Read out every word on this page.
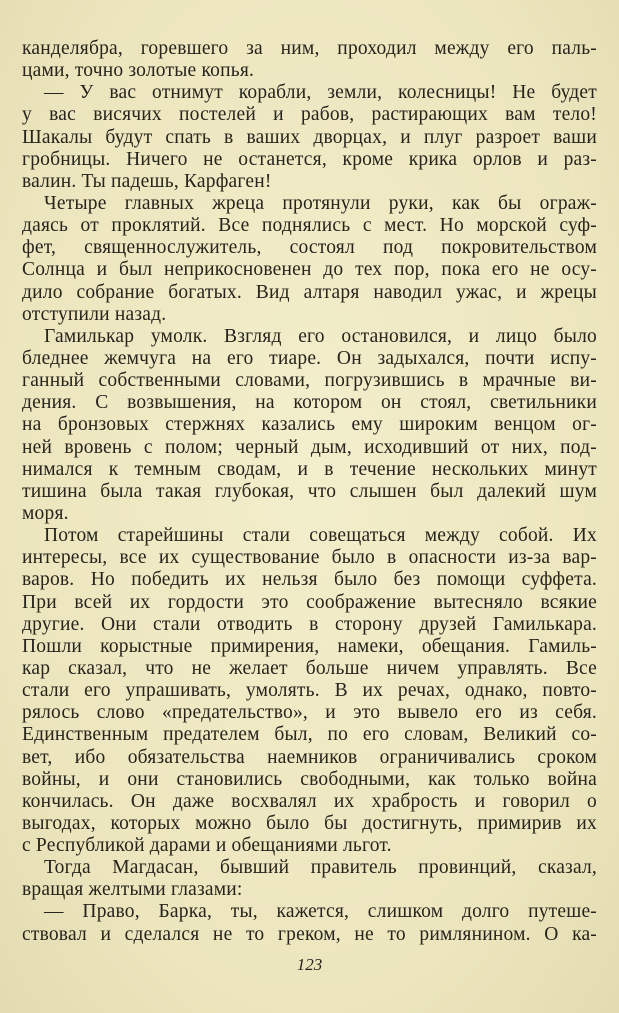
канделябра, горевшего за ним, проходил между его паль-
цами, точно золотые копья.
— У вас отнимут корабли, земли, колесницы! Не будет
у вас висячих постелей и рабов, растирающих вам тело!
Шакалы будут спать в ваших дворцах, и плуг разроет ваши
гробницы. Ничего не останется, кроме крика орлов и раз-
валин. Ты падешь, Карфаген!
Четыре главных жреца протянули руки, как бы ограж-
даясь от проклятий. Все поднялись с мест. Но морской суф-
фет, священнослужитель, состоял под покровительством
Солнца и был неприкосновенен до тех пор, пока его не осу-
дило собрание богатых. Вид алтаря наводил ужас, и жрецы
отступили назад.
Гамилькар умолк. Взгляд его остановился, и лицо было
бледнее жемчуга на его тиаре. Он задыхался, почти испу-
ганный собственными словами, погрузившись в мрачные ви-
дения. С возвышения, на котором он стоял, светильники
на бронзовых стержнях казались ему широким венцом ог-
ней вровень с полом; черный дым, исходивший от них, под-
нимался к темным сводам, и в течение нескольких минут
тишина была такая глубокая, что слышен был далекий шум
моря.
Потом старейшины стали совещаться между собой. Их
интересы, все их существование было в опасности из-за вар-
варов. Но победить их нельзя было без помощи суффета.
При всей их гордости это соображение вытесняло всякие
другие. Они стали отводить в сторону друзей Гамилькара.
Пошли корыстные примирения, намеки, обещания. Гамиль-
кар сказал, что не желает больше ничем управлять. Все
стали его упрашивать, умолять. В их речах, однако, повто-
рялось слово «предательство», и это вывело его из себя.
Единственным предателем был, по его словам, Великий со-
вет, ибо обязательства наемников ограничивались сроком
войны, и они становились свободными, как только война
кончилась. Он даже восхвалял их храбрость и говорил о
выгодах, которых можно было бы достигнуть, примирив их
с Республикой дарами и обещаниями льгот.
Тогда Магдасан, бывший правитель провинций, сказал,
вращая желтыми глазами:
— Право, Барка, ты, кажется, слишком долго путеше-
ствовал и сделался не то греком, не то римлянином. О ка-
123
